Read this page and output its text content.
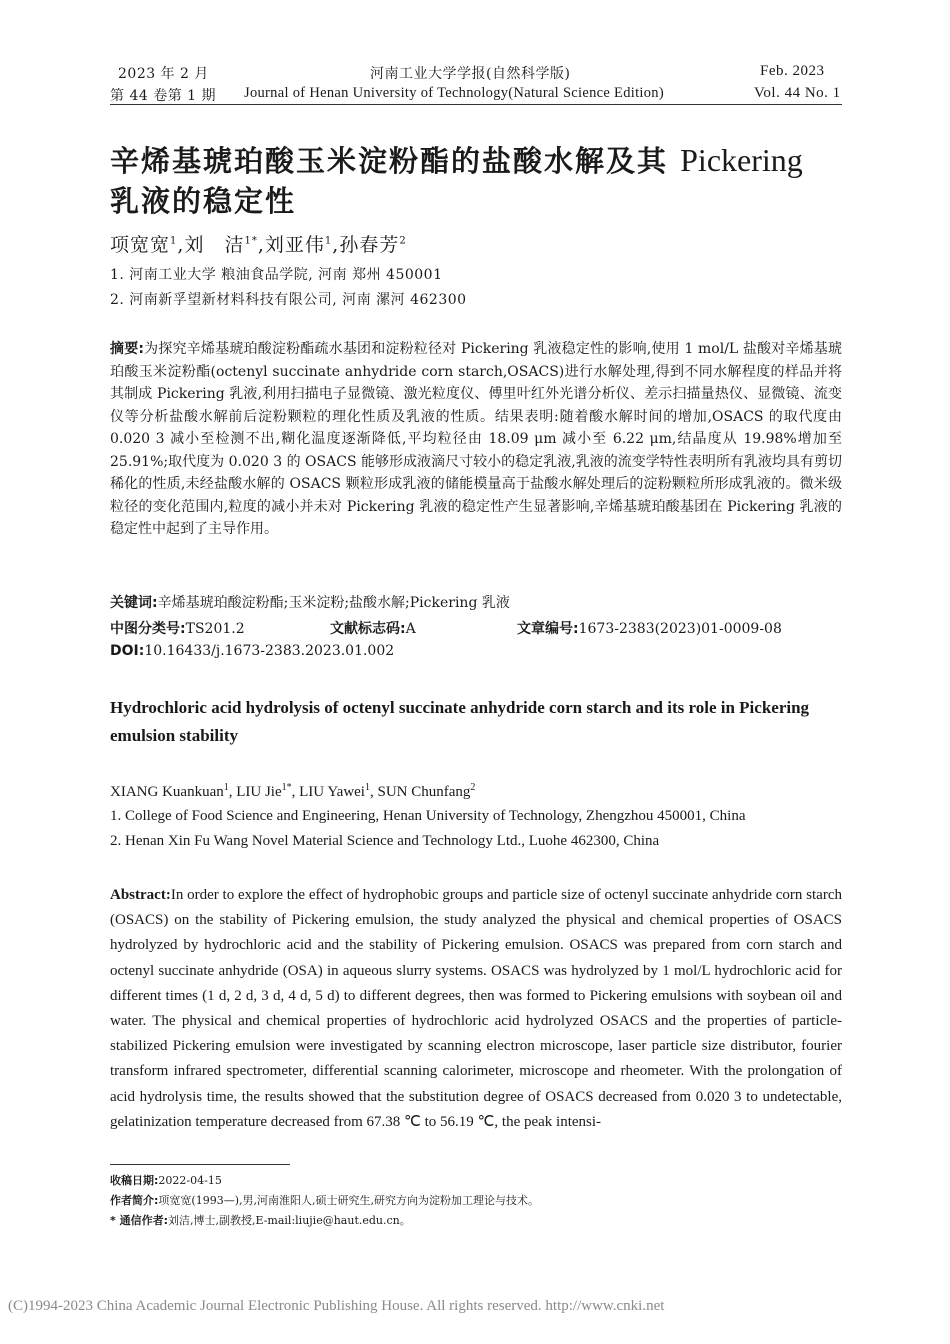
2023 年 2 月
第 44 卷第 1 期
河南工业大学学报(自然科学版)
Journal of Henan University of Technology(Natural Science Edition)
Feb. 2023
Vol. 44 No. 1
辛烯基琥珀酸玉米淀粉酯的盐酸水解及其 Pickering
乳液的稳定性
项宽宽$^1$,刘　洁$^{1*}$,刘亚伟$^1$,孙春芳$^2$
1. 河南工业大学 粮油食品学院, 河南 郑州 450001
2. 河南新孚望新材料科技有限公司, 河南 漯河 462300
摘要:为探究辛烯基琥珀酸淀粉酯疏水基团和淀粉粒径对 Pickering 乳液稳定性的影响,使用 1 mol/L 盐酸对辛烯基琥珀酸玉米淀粉酯(octenyl succinate anhydride corn starch,OSACS)进行水解处理,得到不同水解程度的样品并将其制成 Pickering 乳液,利用扫描电子显微镜、激光粒度仪、傅里叶红外光谱分析仪、差示扫描量热仪、显微镜、流变仪等分析盐酸水解前后淀粉颗粒的理化性质及乳液的性质。结果表明:随着酸水解时间的增加,OSACS 的取代度由 0.020 3 减小至检测不出,糊化温度逐渐降低,平均粒径由 18.09 μm 减小至 6.22 μm,结晶度从 19.98%增加至 25.91%;取代度为 0.020 3 的 OSACS 能够形成液滴尺寸较小的稳定乳液,乳液的流变学特性表明所有乳液均具有剪切稀化的性质,未经盐酸水解的 OSACS 颗粒形成乳液的储能模量高于盐酸水解处理后的淀粉颗粒所形成乳液的。微米级粒径的变化范围内,粒度的减小并未对 Pickering 乳液的稳定性产生显著影响,辛烯基琥珀酸基团在 Pickering 乳液的稳定性中起到了主导作用。
关键词:辛烯基琥珀酸淀粉酯;玉米淀粉;盐酸水解;Pickering 乳液
中图分类号:TS201.2	文献标志码:A	文章编号:1673-2383(2023)01-0009-08
DOI:10.16433/j.1673-2383.2023.01.002
Hydrochloric acid hydrolysis of octenyl succinate anhydride corn starch and its role in Pickering emulsion stability
XIANG Kuankuan$^1$, LIU Jie$^{1*}$, LIU Yawei$^1$, SUN Chunfang$^2$
1. College of Food Science and Engineering, Henan University of Technology, Zhengzhou 450001, China
2. Henan Xin Fu Wang Novel Material Science and Technology Ltd., Luohe 462300, China
Abstract:In order to explore the effect of hydrophobic groups and particle size of octenyl succinate anhydride corn starch (OSACS) on the stability of Pickering emulsion, the study analyzed the physical and chemical properties of OSACS hydrolyzed by hydrochloric acid and the stability of Pickering emulsion. OSACS was prepared from corn starch and octenyl succinate anhydride (OSA) in aqueous slurry systems. OSACS was hydrolyzed by 1 mol/L hydrochloric acid for different times (1 d, 2 d, 3 d, 4 d, 5 d) to different degrees, then was formed to Pickering emulsions with soybean oil and water. The physical and chemical properties of hydrochloric acid hydrolyzed OSACS and the properties of particle-stabilized Pickering emulsion were investigated by scanning electron microscope, laser particle size distributor, fourier transform infrared spectrometer, differential scanning calorimeter, microscope and rheometer. With the prolongation of acid hydrolysis time, the results showed that the substitution degree of OSACS decreased from 0.020 3 to undetectable, gelatinization temperature decreased from 67.38 ℃ to 56.19 ℃, the peak intensi-
收稿日期:2022-04-15
作者简介:项宽宽(1993—),男,河南淮阳人,硕士研究生,研究方向为淀粉加工理论与技术。
* 通信作者:刘洁,博士,副教授,E-mail:liujie@haut.edu.cn。
(C)1994-2023 China Academic Journal Electronic Publishing House. All rights reserved. http://www.cnki.net
